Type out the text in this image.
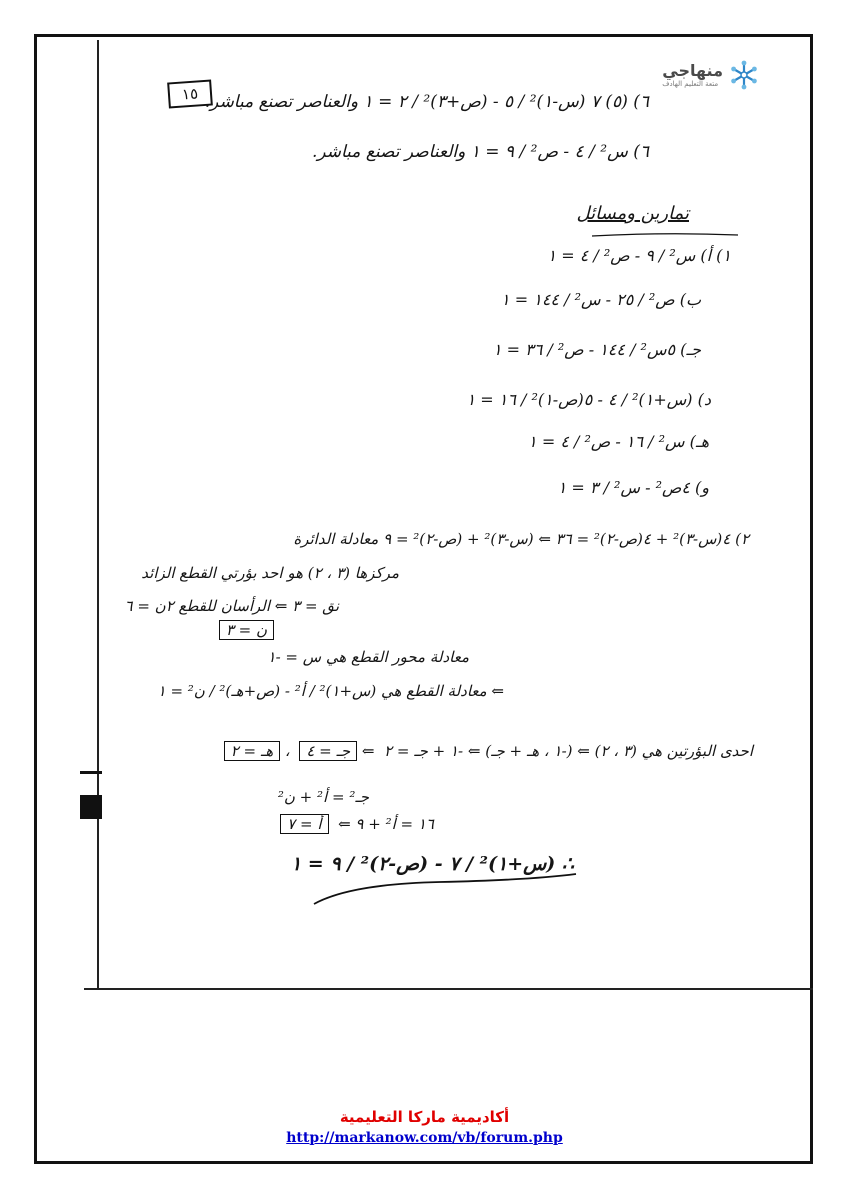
١٥
منهاجي
متعة التعليم الهادف
٦) (٥) ٧ (س-١)² / ٥ - (ص+٣)² / ٢ = ١ والعناصر تصنع مباشر.
٦) س² / ٤ - ص² / ٩ = ١ والعناصر تصنع مباشر.
تمارين ومسائل
١) أ) س² / ٩ - ص² / ٤ = ١
ب) ص² / ٢٥ - س² / ١٤٤ = ١
جـ) ٥س² / ١٤٤ - ص² / ٣٦ = ١
د) (س+١)² / ٤ - ٥(ص-١)² / ١٦ = ١
هـ) س² / ١٦ - ص² / ٤ = ١
و) ٤ص² - س² / ٣ = ١
٢) ٤(س-٣)² + ٤(ص-٢)² = ٣٦ ⇐ (س-٣)² + (ص-٢)² = ٩ معادلة الدائرة
مركزها (٣ ، ٢) هو احد بؤرتي القطع الزائد
نق = ٣ ⇐ الرأسان للقطع ٢ن = ٦
ن = ٣
معادلة محور القطع هي س = -١
⇐ معادلة القطع هي (س+١)² / أ² - (ص+هـ)² / ن² = ١
احدى البؤرتين هي (٣ ، ٢) ⇐ (-١ ، هـ + جـ) ⇐ -١ + جـ = ٢  ⇐ جـ = ٤  ، هـ = ٢
جـ² = أ² + ن²
١٦ = أ² + ٩ ⇐  أ = ٧
∴ (س+١)² / ٧ - (ص-٢)² / ٩ = ١
أكاديمية ماركا التعليمية
http://markanow.com/vb/forum.php
